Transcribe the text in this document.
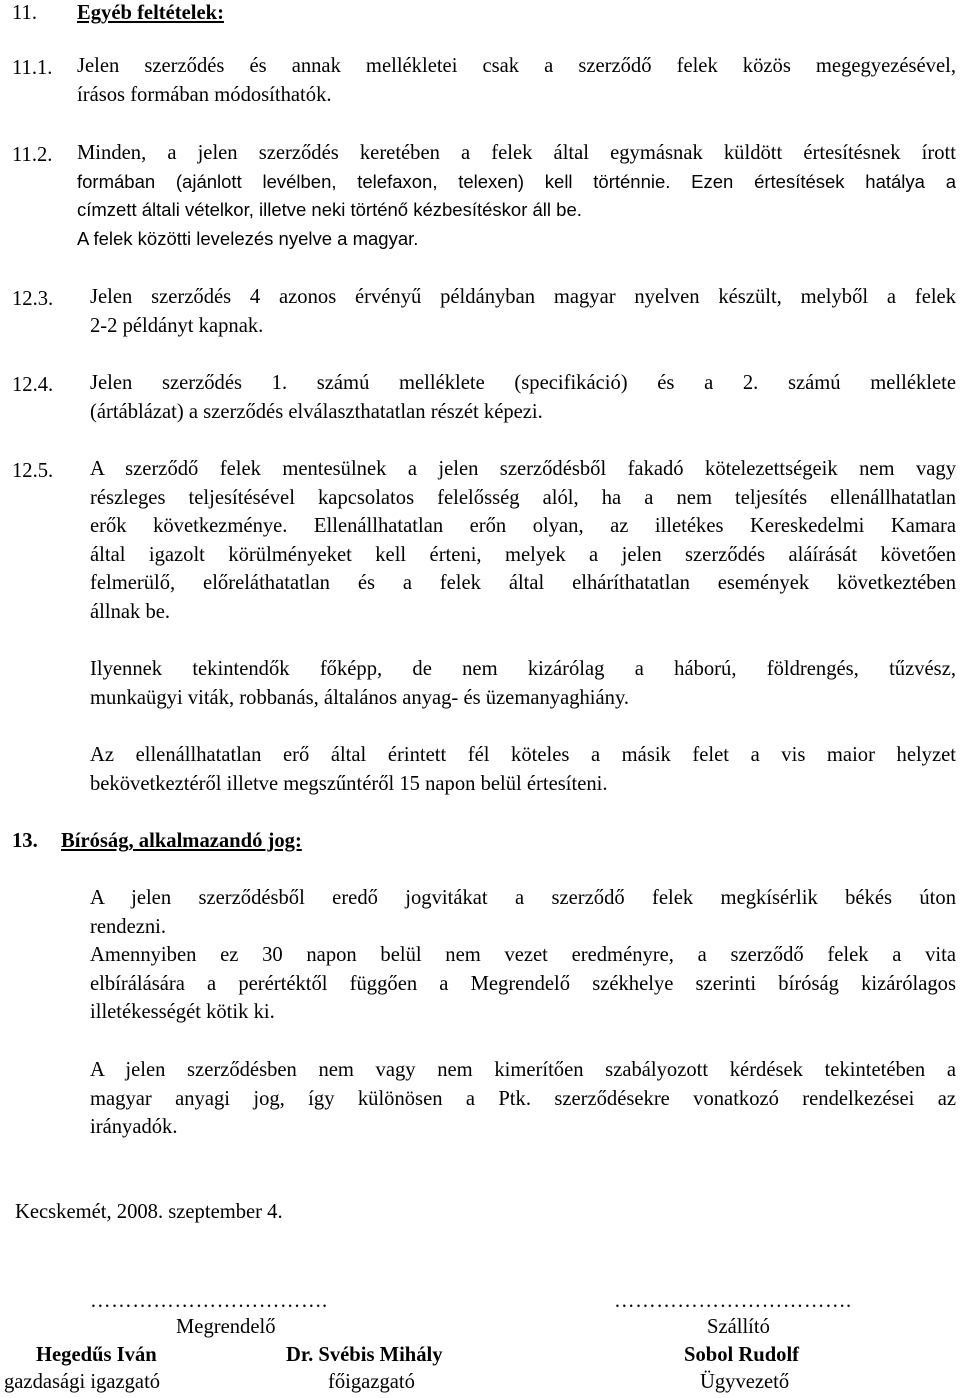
11. Egyéb feltételek:
11.1. Jelen szerződés és annak mellékletei csak a szerződő felek közös megegyezésével,
írásos formában módosíthatók.
11.2. Minden, a jelen szerződés keretében a felek által egymásnak küldött értesítésnek írott
formában (ajánlott levélben, telefaxon, telexen) kell történnie. Ezen értesítések hatálya a
címzett általi vételkor, illetve neki történő kézbesítéskor áll be.
A felek közötti levelezés nyelve a magyar.
12.3. Jelen szerződés 4 azonos érvényű példányban magyar nyelven készült, melyből a felek
2-2 példányt kapnak.
12.4. Jelen szerződés 1. számú melléklete (specifikáció) és a 2. számú melléklete
(ártáblázat) a szerződés elválaszthatatlan részét képezi.
12.5. A szerződő felek mentesülnek a jelen szerződésből fakadó kötelezettségeik nem vagy
részleges teljesítésével kapcsolatos felelősség alól, ha a nem teljesítés ellenállhatatlan
erők következménye. Ellenállhatatlan erőn olyan, az illetékes Kereskedelmi Kamara
által igazolt körülményeket kell érteni, melyek a jelen szerződés aláírását követően
felmerülő, előreláthatatlan és a felek által elháríthatatlan események következtében
állnak be.
Ilyennek tekintendők főképp, de nem kizárólag a háború, földrengés, tűzvész,
munkaügyi viták, robbanás, általános anyag- és üzemanyaghiány.
Az ellenállhatatlan erő által érintett fél köteles a másik felet a vis maior helyzet
bekövetkeztéről illetve megszűntéről 15 napon belül értesíteni.
13. Bíróság, alkalmazandó jog:
A jelen szerződésből eredő jogvitákat a szerződő felek megkísérlik békés úton
rendezni.
Amennyiben ez 30 napon belül nem vezet eredményre, a szerződő felek a vita
elbírálására a perértéktől függően a Megrendelő székhelye szerinti bíróság kizárólagos
illetékességét kötik ki.
A jelen szerződésben nem vagy nem kimerítően szabályozott kérdések tekintetében a
magyar anyagi jog, így különösen a Ptk. szerződésekre vonatkozó rendelkezései az
irányadók.
Kecskemét, 2008. szeptember 4.
…………………………….	…………………………….
Megrendelő	Szállító
Hegedűs Iván	Dr. Svébis Mihály	Sobol Rudolf
gazdasági igazgató	főigazgató	Ügyvezető
